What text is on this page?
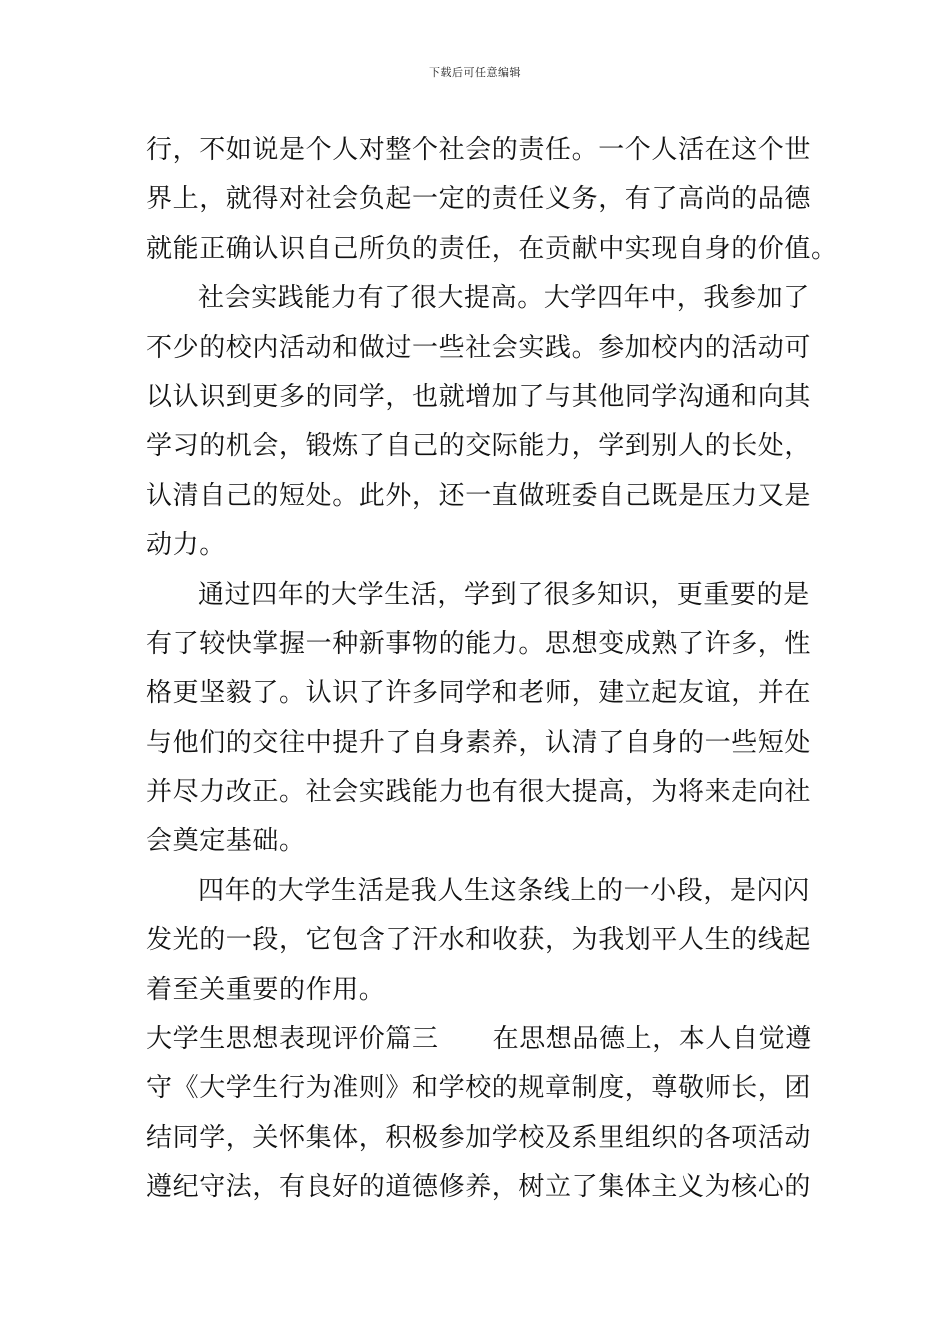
下载后可任意编辑
行，不如说是个人对整个社会的责任。一个人活在这个世
界上，就得对社会负起一定的责任义务，有了高尚的品德
就能正确认识自己所负的责任，在贡献中实现自身的价值。
社会实践能力有了很大提高。大学四年中，我参加了
不少的校内活动和做过一些社会实践。参加校内的活动可
以认识到更多的同学，也就增加了与其他同学沟通和向其
学习的机会，锻炼了自己的交际能力，学到别人的长处，
认清自己的短处。此外，还一直做班委自己既是压力又是
动力。
通过四年的大学生活，学到了很多知识，更重要的是
有了较快掌握一种新事物的能力。思想变成熟了许多，性
格更坚毅了。认识了许多同学和老师，建立起友谊，并在
与他们的交往中提升了自身素养，认清了自身的一些短处
并尽力改正。社会实践能力也有很大提高，为将来走向社
会奠定基础。
四年的大学生活是我人生这条线上的一小段，是闪闪
发光的一段，它包含了汗水和收获，为我划平人生的线起
着至关重要的作用。
大学生思想表现评价篇三 在思想品德上，本人自觉遵
守《大学生行为准则》和学校的规章制度，尊敬师长，团
结同学，关怀集体，积极参加学校及系里组织的各项活动
遵纪守法，有良好的道德修养，树立了集体主义为核心的
